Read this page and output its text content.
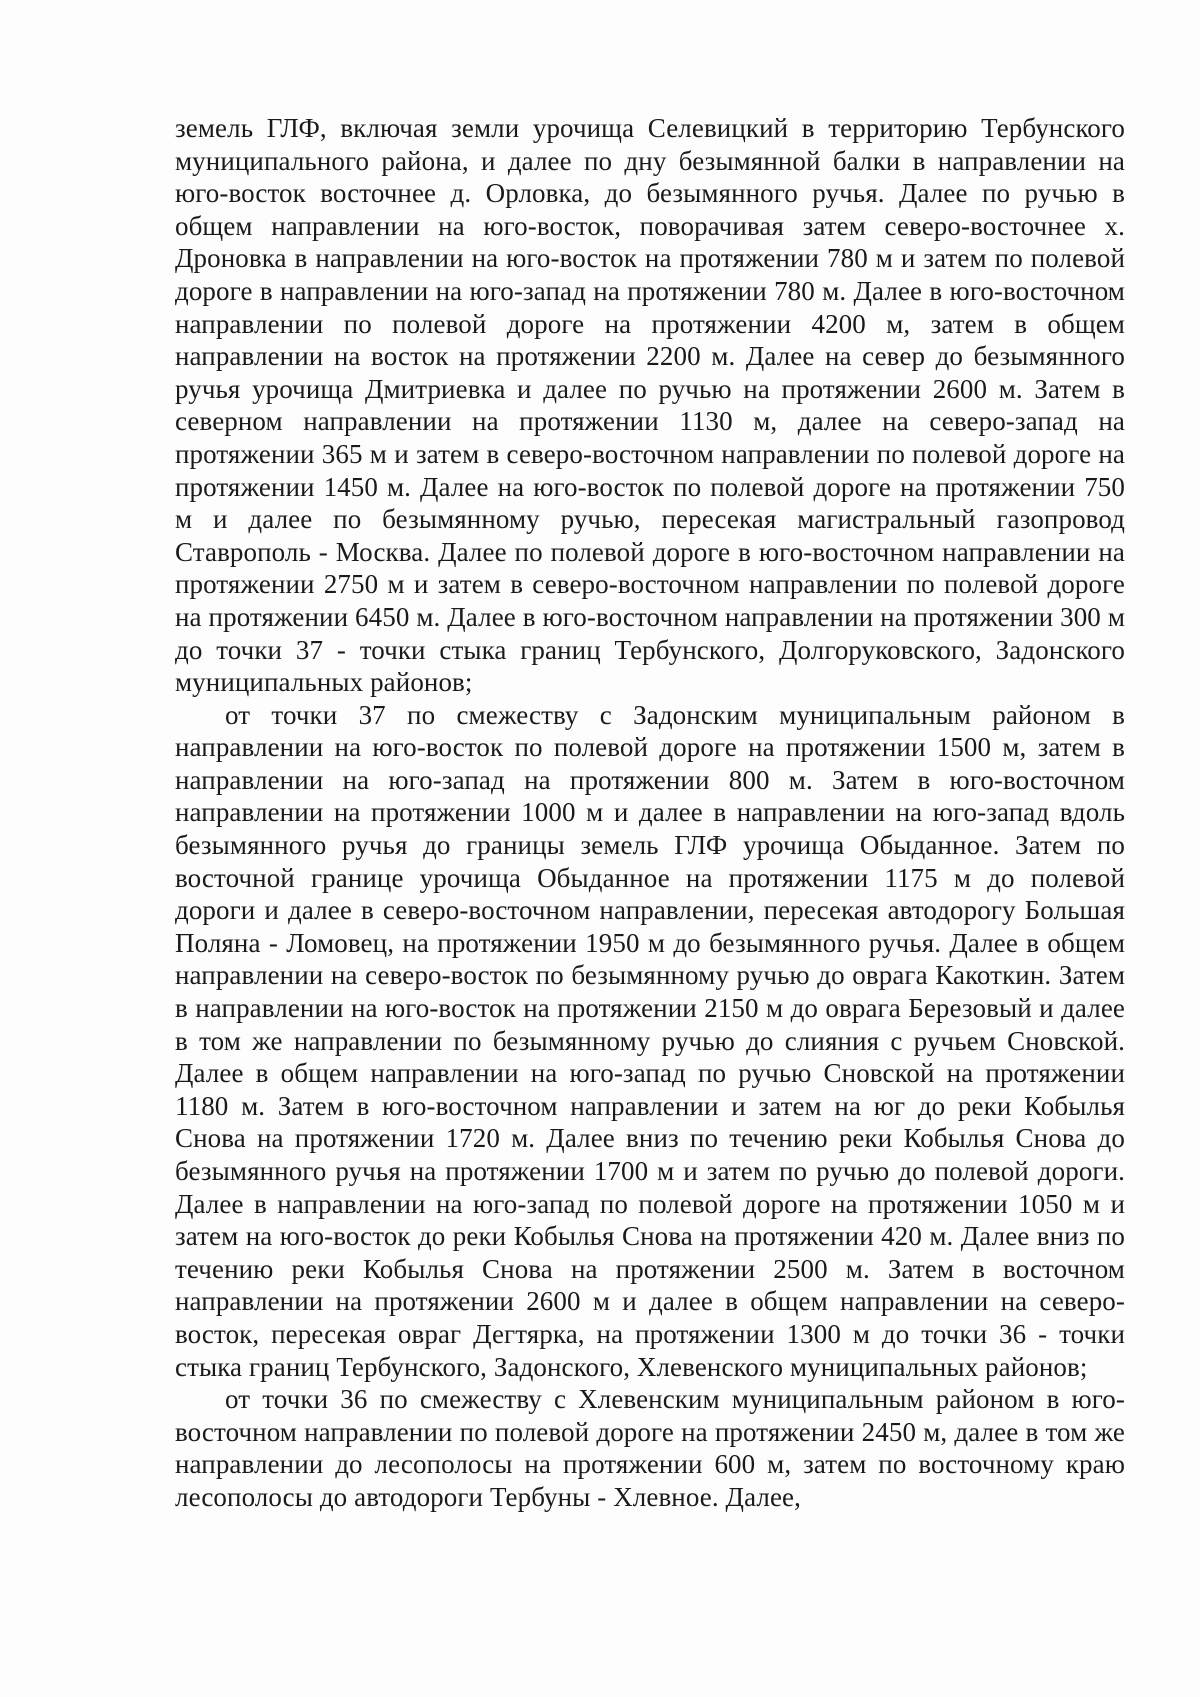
земель ГЛФ, включая земли урочища Селевицкий в территорию Тербунского муниципального района, и далее по дну безымянной балки в направлении на юго-восток восточнее д. Орловка, до безымянного ручья. Далее по ручью в общем направлении на юго-восток, поворачивая затем северо-восточнее х. Дроновка в направлении на юго-восток на протяжении 780 м и затем по полевой дороге в направлении на юго-запад на протяжении 780 м. Далее в юго-восточном направлении по полевой дороге на протяжении 4200 м, затем в общем направлении на восток на протяжении 2200 м. Далее на север до безымянного ручья урочища Дмитриевка и далее по ручью на протяжении 2600 м. Затем в северном направлении на протяжении 1130 м, далее на северо-запад на протяжении 365 м и затем в северо-восточном направлении по полевой дороге на протяжении 1450 м. Далее на юго-восток по полевой дороге на протяжении 750 м и далее по безымянному ручью, пересекая магистральный газопровод Ставрополь - Москва. Далее по полевой дороге в юго-восточном направлении на протяжении 2750 м и затем в северо-восточном направлении по полевой дороге на протяжении 6450 м. Далее в юго-восточном направлении на протяжении 300 м до точки 37 - точки стыка границ Тербунского, Долгоруковского, Задонского муниципальных районов;

от точки 37 по смежеству с Задонским муниципальным районом в направлении на юго-восток по полевой дороге на протяжении 1500 м, затем в направлении на юго-запад на протяжении 800 м. Затем в юго-восточном направлении на протяжении 1000 м и далее в направлении на юго-запад вдоль безымянного ручья до границы земель ГЛФ урочища Обыданное. Затем по восточной границе урочища Обыданное на протяжении 1175 м до полевой дороги и далее в северо-восточном направлении, пересекая автодорогу Большая Поляна - Ломовец, на протяжении 1950 м до безымянного ручья. Далее в общем направлении на северо-восток по безымянному ручью до оврага Какоткин. Затем в направлении на юго-восток на протяжении 2150 м до оврага Березовый и далее в том же направлении по безымянному ручью до слияния с ручьем Сновской. Далее в общем направлении на юго-запад по ручью Сновской на протяжении 1180 м. Затем в юго-восточном направлении и затем на юг до реки Кобылья Снова на протяжении 1720 м. Далее вниз по течению реки Кобылья Снова до безымянного ручья на протяжении 1700 м и затем по ручью до полевой дороги. Далее в направлении на юго-запад по полевой дороге на протяжении 1050 м и затем на юго-восток до реки Кобылья Снова на протяжении 420 м. Далее вниз по течению реки Кобылья Снова на протяжении 2500 м. Затем в восточном направлении на протяжении 2600 м и далее в общем направлении на северо-восток, пересекая овраг Дегтярка, на протяжении 1300 м до точки 36 - точки стыка границ Тербунского, Задонского, Хлевенского муниципальных районов;

от точки 36 по смежеству с Хлевенским муниципальным районом в юго-восточном направлении по полевой дороге на протяжении 2450 м, далее в том же направлении до лесополосы на протяжении 600 м, затем по восточному краю лесополосы до автодороги Тербуны - Хлевное. Далее,
